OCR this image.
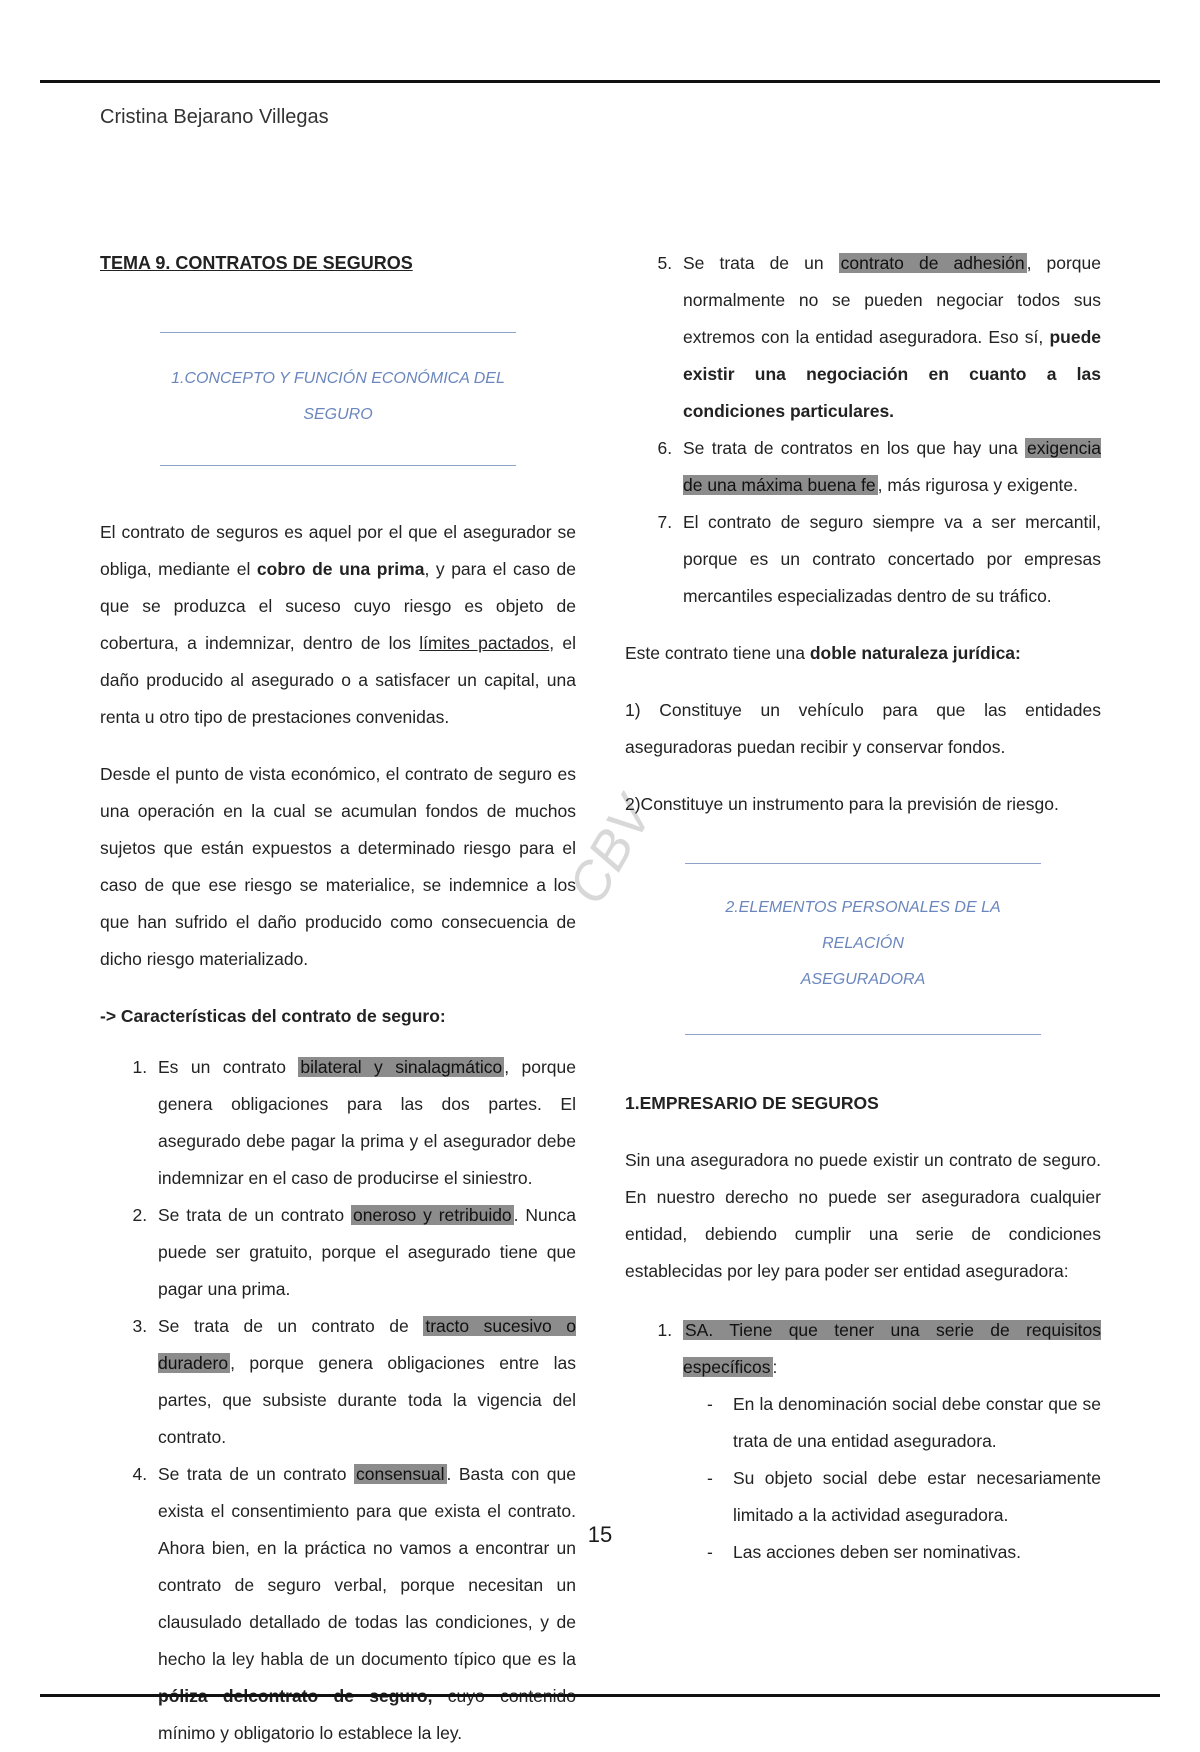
Cristina Bejarano Villegas
CBV
TEMA 9. CONTRATOS DE SEGUROS
1.CONCEPTO Y FUNCIÓN ECONÓMICA DEL SEGURO

El contrato de seguros es aquel por el que el asegurador se obliga, mediante el cobro de una prima, y para el caso de que se produzca el suceso cuyo riesgo es objeto de cobertura, a indemnizar, dentro de los límites pactados, el daño producido al asegurado o a satisfacer un capital, una renta u otro tipo de prestaciones convenidas.

Desde el punto de vista económico, el contrato de seguro es una operación en la cual se acumulan fondos de muchos sujetos que están expuestos a determinado riesgo para el caso de que ese riesgo se materialice, se indemnice a los que han sufrido el daño producido como consecuencia de dicho riesgo materializado.

-> Características del contrato de seguro:

1. Es un contrato bilateral y sinalagmático , porque genera obligaciones para las dos partes. El asegurado debe pagar la prima y el asegurador debe indemnizar en el caso de producirse el siniestro.
2. Se trata de un contrato oneroso y retribuido . Nunca puede ser gratuito, porque el asegurado tiene que pagar una prima.
3. Se trata de un contrato de tracto sucesivo o duradero , porque genera obligaciones entre las partes, que subsiste durante toda la vigencia del contrato.
4. Se trata de un contrato consensual . Basta con que exista el consentimiento para que exista el contrato. Ahora bien, en la práctica no vamos a encontrar un contrato de seguro verbal, porque necesitan un clausulado detallado de todas las condiciones, y de hecho la ley habla de un documento típico que es la mínimo y obligatorio lo establece la ley.
5. Se trata de un contrato de adhesión , porque normalmente no se pueden negociar todos sus extremos con la entidad aseguradora. Eso sí, puede existir una negociación en cuanto a las condiciones particulares.
6. Se trata de contratos en los que hay una exigencia de una máxima buena fe , más rigurosa y exigente.
7. El contrato de seguro siempre va a ser mercantil, porque es un contrato concertado por empresas mercantiles especializadas dentro de su tráfico.

Este contrato tiene una doble naturaleza jurídica:

1) Constituye un vehículo para que las entidades aseguradoras puedan recibir y conservar fondos.

2)Constituye un instrumento para la previsión de riesgo.

2.ELEMENTOS PERSONALES DE LA RELACIÓN
ASEGURADORA

1.EMPRESARIO DE SEGUROS

Sin una aseguradora no puede existir un contrato de seguro. En nuestro derecho no puede ser aseguradora cualquier entidad, debiendo cumplir una serie de condiciones establecidas por ley para poder ser entidad aseguradora:

1. SA. Tiene que tener una serie de requisitos específicos :
- En la denominación social debe constar que se trata de una entidad aseguradora.
- Su objeto social debe estar necesariamente limitado a la actividad aseguradora.
- Las acciones deben ser nominativas.
15
